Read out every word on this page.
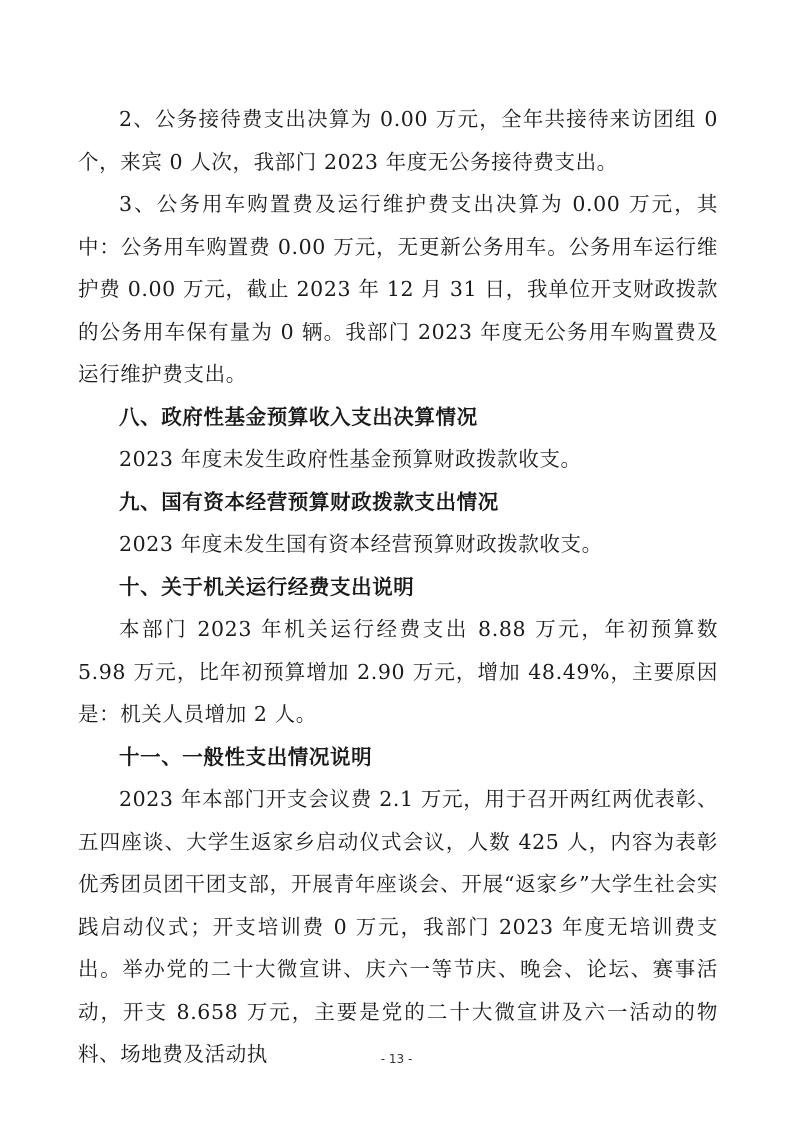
2、公务接待费支出决算为 0.00 万元，全年共接待来访团组 0 个，来宾 0 人次，我部门 2023 年度无公务接待费支出。

3、公务用车购置费及运行维护费支出决算为 0.00 万元，其中：公务用车购置费 0.00 万元，无更新公务用车。公务用车运行维护费 0.00 万元，截止 2023 年 12 月 31 日，我单位开支财政拨款的公务用车保有量为 0 辆。我部门 2023 年度无公务用车购置费及运行维护费支出。

八、政府性基金预算收入支出决算情况

2023 年度未发生政府性基金预算财政拨款收支。

九、国有资本经营预算财政拨款支出情况

2023 年度未发生国有资本经营预算财政拨款收支。

十、关于机关运行经费支出说明

本部门 2023 年机关运行经费支出 8.88 万元，年初预算数 5.98 万元，比年初预算增加 2.90 万元，增加 48.49%，主要原因是：机关人员增加 2 人。

十一、一般性支出情况说明

2023 年本部门开支会议费 2.1 万元，用于召开两红两优表彰、五四座谈、大学生返家乡启动仪式会议，人数 425 人，内容为表彰优秀团员团干团支部，开展青年座谈会、开展“返家乡”大学生社会实践启动仪式；开支培训费 0 万元，我部门 2023 年度无培训费支出。举办党的二十大微宣讲、庆六一等节庆、晚会、论坛、赛事活动，开支 8.658 万元，主要是党的二十大微宣讲及六一活动的物料、场地费及活动执	- 13 -
